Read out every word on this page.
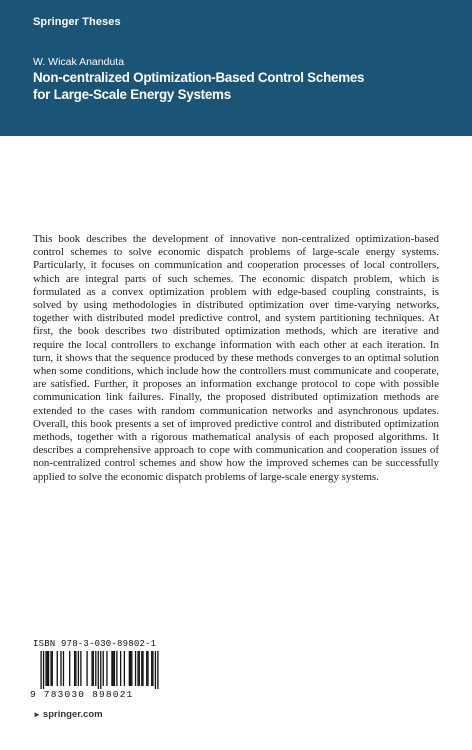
Springer Theses
W. Wicak Ananduta
Non-centralized Optimization-Based Control Schemes
for Large-Scale Energy Systems

This book describes the development of innovative non-centralized optimization-based control schemes to solve economic dispatch problems of large-scale energy systems. Particularly, it focuses on communication and cooperation processes of local controllers, which are integral parts of such schemes. The economic dispatch problem, which is formulated as a convex optimization problem with edge-based coupling constraints, is solved by using methodologies in distributed optimization over time-varying networks, together with distributed model predictive control, and system partitioning techniques. At first, the book describes two distributed optimization methods, which are iterative and require the local controllers to exchange information with each other at each iteration. In turn, it shows that the sequence produced by these methods converges to an optimal solution when some conditions, which include how the controllers must communicate and cooperate, are satisfied. Further, it proposes an information exchange protocol to cope with possible communication link failures. Finally, the proposed distributed optimization methods are extended to the cases with random communication networks and asynchronous updates. Overall, this book presents a set of improved predictive control and distributed optimization methods, together with a rigorous mathematical analysis of each proposed algorithms. It describes a comprehensive approach to cope with communication and cooperation issues of non-centralized control schemes and show how the improved schemes can be successfully applied to solve the economic dispatch problems of large-scale energy systems.

ISBN 978-3-030-89802-1
9 783030 898021
► springer.com
